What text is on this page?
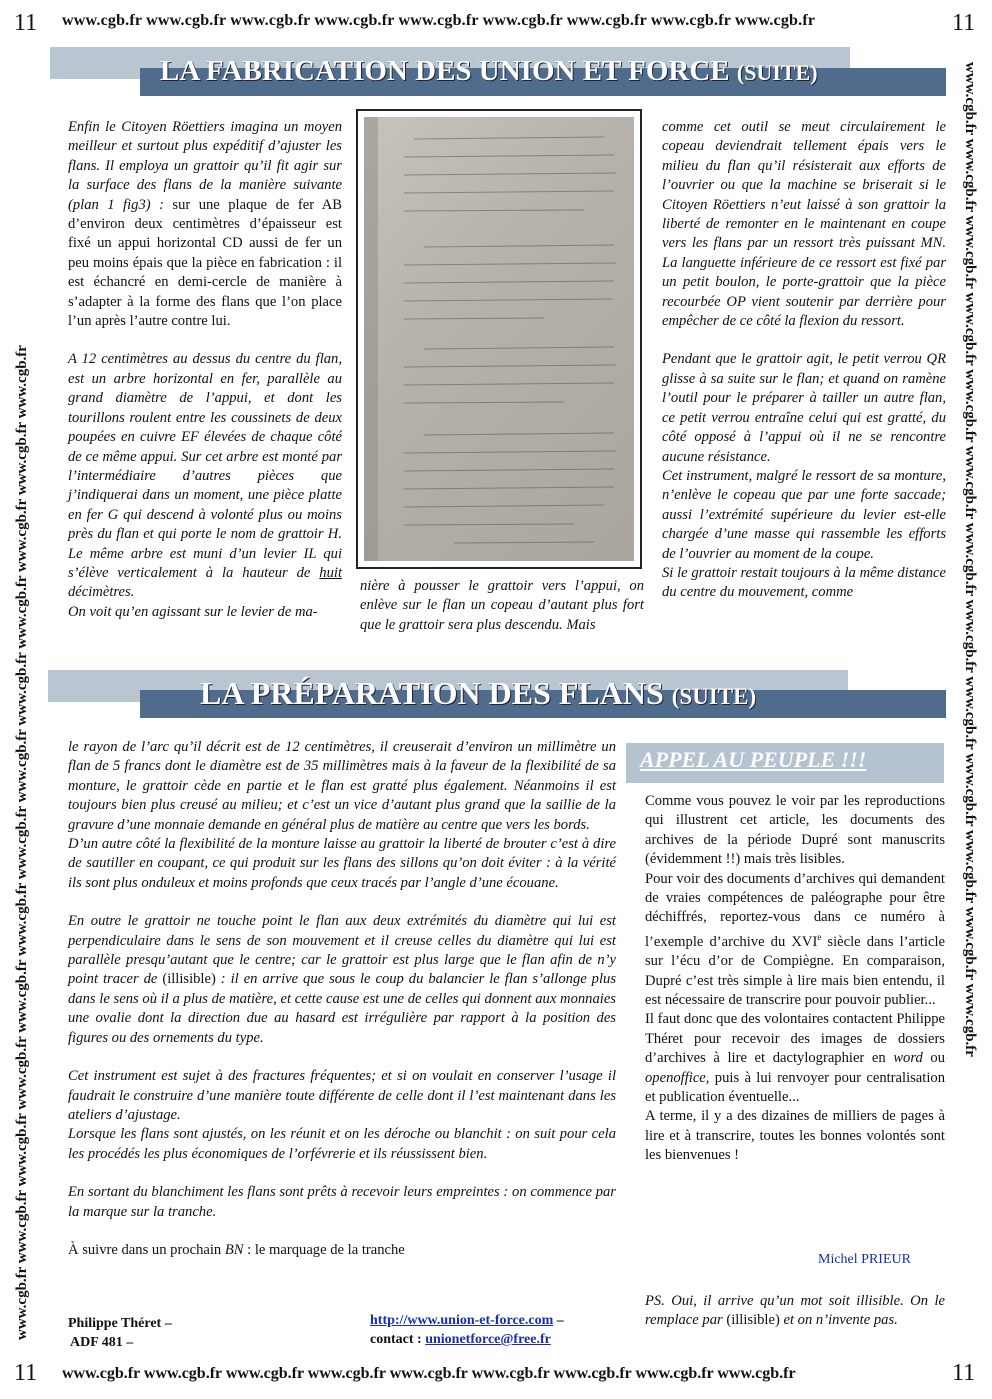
11	11
www.cgb.fr www.cgb.fr www.cgb.fr www.cgb.fr www.cgb.fr www.cgb.fr www.cgb.fr www.cgb.fr www.cgb.fr
11	11
www.cgb.fr www.cgb.fr www.cgb.fr www.cgb.fr www.cgb.fr www.cgb.fr www.cgb.fr www.cgb.fr www.cgb.fr
www.cgb.fr www.cgb.fr www.cgb.fr www.cgb.fr www.cgb.fr www.cgb.fr www.cgb.fr www.cgb.fr www.cgb.fr www.cgb.fr www.cgb.fr www.cgb.fr www.cgb.fr	www.cgb.fr www.cgb.fr www.cgb.fr www.cgb.fr www.cgb.fr www.cgb.fr www.cgb.fr www.cgb.fr www.cgb.fr www.cgb.fr www.cgb.fr www.cgb.fr www.cgb.fr
LA FABRICATION DES UNION ET FORCE (SUITE)

Enfin le Citoyen Röettiers imagina un moyen meilleur et surtout plus expéditif d’ajuster les flans. Il employa un grattoir qu’il fit agir sur la surface des flans de la manière suivante (plan 1 fig3) : sur une plaque de fer AB d’environ deux centimètres d’épaisseur est fixé un appui horizontal CD aussi de fer un peu moins épais que la pièce en fabrication : il est échancré en demi-cercle de manière à s’adapter à la forme des flans que l’on place l’un après l’autre contre lui.

A 12 centimètres au dessus du centre du flan, est un arbre horizontal en fer, parallèle au grand diamètre de l’appui, et dont les tourillons roulent entre les coussinets de deux poupées en cuivre EF élevées de chaque côté de ce même appui. Sur cet arbre est monté par l’intermédiaire d’autres pièces que j’indiquerai dans un moment, une pièce platte en fer G qui descend à volonté plus ou moins près du flan et qui porte le nom de grattoir H. Le même arbre est muni d’un levier IL qui s’élève verticalement à la hauteur de huit décimètres.

On voit qu’en agissant sur le levier de ma-

nière à pousser le grattoir vers l’appui, on enlève sur le flan un copeau d’autant plus fort que le grattoir sera plus descendu. Mais

comme cet outil se meut circulairement le copeau deviendrait tellement épais vers le milieu du flan qu’il résisterait aux efforts de l’ouvrier ou que la machine se briserait si le Citoyen Röettiers n’eut laissé à son grattoir la liberté de remonter en le maintenant en coupe vers les flans par un ressort très puissant MN. La languette inférieure de ce ressort est fixé par un petit boulon, le porte-grattoir que la pièce recourbée OP vient soutenir par derrière pour empêcher de ce côté la flexion du ressort.

Pendant que le grattoir agit, le petit verrou QR glisse à sa suite sur le flan; et quand on ramène l’outil pour le préparer à tailler un autre flan, ce petit verrou entraîne celui qui est gratté, du côté opposé à l’appui où il ne se rencontre aucune résistance.

Cet instrument, malgré le ressort de sa monture, n’enlève le copeau que par une forte saccade; aussi l’extrémité supérieure du levier est-elle chargée d’une masse qui rassemble les efforts de l’ouvrier au moment de la coupe.

Si le grattoir restait toujours à la même distance du centre du mouvement, comme

LA PRÉPARATION DES FLANS (SUITE)

le rayon de l’arc qu’il décrit est de 12 centimètres, il creuserait d’environ un millimètre un flan de 5 francs dont le diamètre est de 35 millimètres mais à la faveur de la flexibilité de sa monture, le grattoir cède en partie et le flan est gratté plus également. Néanmoins il est toujours bien plus creusé au milieu; et c’est un vice d’autant plus grand que la saillie de la gravure d’une monnaie demande en général plus de matière au centre que vers les bords.

D’un autre côté la flexibilité de la monture laisse au grattoir la liberté de brouter c’est à dire de sautiller en coupant, ce qui produit sur les flans des sillons qu’on doit éviter : à la vérité ils sont plus onduleux et moins profonds que ceux tracés par l’angle d’une écouane.

En outre le grattoir ne touche point le flan aux deux extrémités du diamètre qui lui est perpendiculaire dans le sens de son mouvement et il creuse celles du diamètre qui lui est parallèle presqu’autant que le centre; car le grattoir est plus large que le flan afin de n’y point tracer de (illisible) : il en arrive que sous le coup du balancier le flan s’allonge plus dans le sens où il a plus de matière, et cette cause est une de celles qui donnent aux monnaies une ovalie dont la direction due au hasard est irrégulière par rapport à la position des figures ou des ornements du type.

Cet instrument est sujet à des fractures fréquentes; et si on voulait en conserver l’usage il faudrait le construire d’une manière toute différente de celle dont il l’est maintenant dans les ateliers d’ajustage.

Lorsque les flans sont ajustés, on les réunit et on les déroche ou blanchit : on suit pour cela les procédés les plus économiques de l’orfévrerie et ils réussissent bien.

En sortant du blanchiment les flans sont prêts à recevoir leurs empreintes : on commence par la marque sur la tranche.

À suivre dans un prochain BN : le marquage de la tranche

Philippe Théret –
ADF 481 –
http://www.union-et-force.com –
contact : unionetforce@free.fr
APPEL AU PEUPLE !!!

Comme vous pouvez le voir par les reproductions qui illustrent cet article, les documents des archives de la période Dupré sont manuscrits (évidemment !!) mais très lisibles.

Pour voir des documents d’archives qui demandent de vraies compétences de paléographe pour être déchiffrés, reportez-vous dans ce numéro à l’exemple d’archive du XVIe siècle dans l’article sur l’écu d’or de Compiègne. En comparaison, Dupré c’est très simple à lire mais bien entendu, il est nécessaire de transcrire pour pouvoir publier...

Il faut donc que des volontaires contactent Philippe Théret pour recevoir des images de dossiers d’archives à lire et dactylographier en word ou openoffice, puis à lui renvoyer pour centralisation et publication éventuelle...

A terme, il y a des dizaines de milliers de pages à lire et à transcrire, toutes les bonnes volontés sont les bienvenues !

Michel PRIEUR
PS. Oui, il arrive qu’un mot soit illisible. On le remplace par (illisible) et on n’invente pas.
